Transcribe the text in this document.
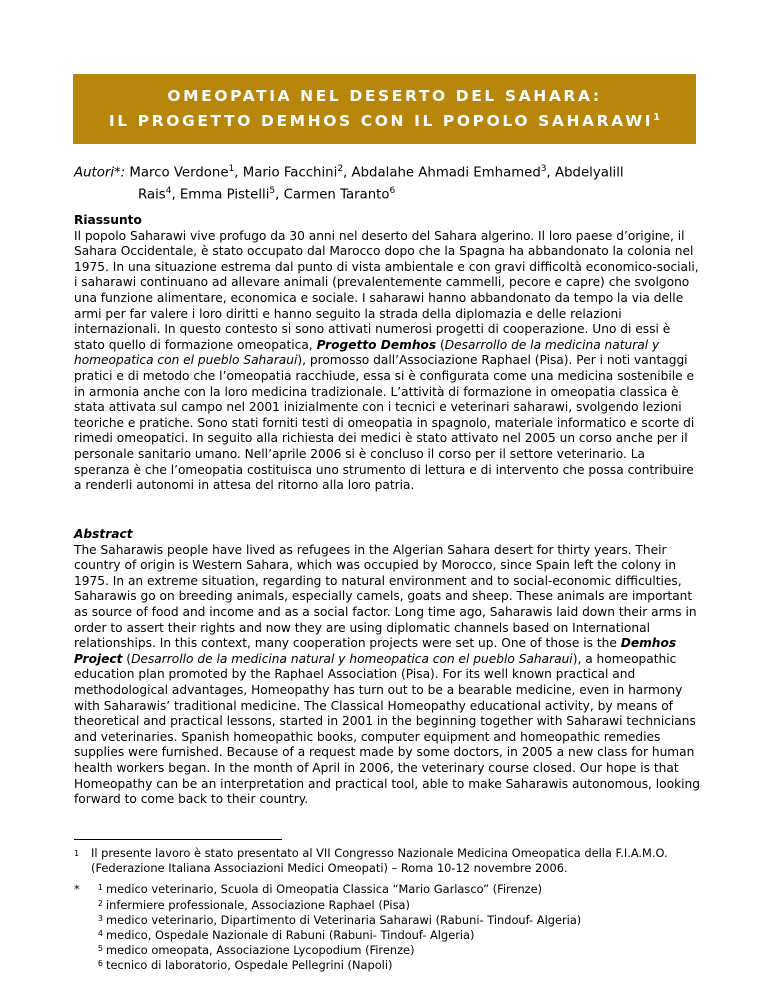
OMEOPATIA NEL DESERTO DEL SAHARA:
IL PROGETTO DEMHOS CON IL POPOLO SAHARAWI$^1$
Autori*: Marco Verdone$^1$, Mario Facchini$^2$, Abdalahe Ahmadi Emhamed$^3$, Abdelyalill
Rais$^4$, Emma Pistelli$^5$, Carmen Taranto$^6$
Riassunto
Il popolo Saharawi vive profugo da 30 anni nel deserto del Sahara algerino. Il loro paese d’origine, il Sahara Occidentale, è stato occupato dal Marocco dopo che la Spagna ha abbandonato la colonia nel 1975. In una situazione estrema dal punto di vista ambientale e con gravi difficoltà economico-sociali, i saharawi continuano ad allevare animali (prevalentemente cammelli, pecore e capre) che svolgono una funzione alimentare, economica e sociale. I saharawi hanno abbandonato da tempo la via delle armi per far valere i loro diritti e hanno seguito la strada della diplomazia e delle relazioni internazionali. In questo contesto si sono attivati numerosi progetti di cooperazione. Uno di essi è stato quello di formazione omeopatica, Progetto Demhos (Desarrollo de la medicina natural y homeopatica con el pueblo Saharaui), promosso dall’Associazione Raphael (Pisa). Per i noti vantaggi pratici e di metodo che l’omeopatia racchiude, essa si è configurata come una medicina sostenibile e in armonia anche con la loro medicina tradizionale. L’attività di formazione in omeopatia classica è stata attivata sul campo nel 2001 inizialmente con i tecnici e veterinari saharawi, svolgendo lezioni teoriche e pratiche. Sono stati forniti testi di omeopatia in spagnolo, materiale informatico e scorte di rimedi omeopatici. In seguito alla richiesta dei medici è stato attivato nel 2005 un corso anche per il personale sanitario umano. Nell’aprile 2006 si è concluso il corso per il settore veterinario. La speranza è che l’omeopatia costituisca uno strumento di lettura e di intervento che possa contribuire a renderli autonomi in attesa del ritorno alla loro patria.
Abstract
The Saharawis people have lived as refugees in the Algerian Sahara desert for thirty years. Their country of origin is Western Sahara, which was occupied by Morocco, since Spain left the colony in 1975. In an extreme situation, regarding to natural environment and to social-economic difficulties, Saharawis go on breeding animals, especially camels, goats and sheep. These animals are important as source of food and income and as a social factor. Long time ago, Saharawis laid down their arms in order to assert their rights and now they are using diplomatic channels based on International relationships. In this context, many cooperation projects were set up. One of those is the Demhos Project (Desarrollo de la medicina natural y homeopatica con el pueblo Saharaui), a homeopathic education plan promoted by the Raphael Association (Pisa). For its well known practical and methodological advantages, Homeopathy has turn out to be a bearable medicine, even in harmony with Saharawis’ traditional medicine. The Classical Homeopathy educational activity, by means of theoretical and practical lessons, started in 2001 in the beginning together with Saharawi technicians and veterinaries. Spanish homeopathic books, computer equipment and homeopathic remedies supplies were furnished. Because of a request made by some doctors, in 2005 a new class for human health workers began. In the month of April in 2006, the veterinary course closed. Our hope is that Homeopathy can be an interpretation and practical tool, able to make Saharawis autonomous, looking forward to come back to their country.
$^1$	Il presente lavoro è stato presentato al VII Congresso Nazionale Medicina Omeopatica della F.I.A.M.O. (Federazione Italiana Associazioni Medici Omeopati) – Roma 10-12 novembre 2006.
*	1 medico veterinario, Scuola di Omeopatia Classica “Mario Garlasco” (Firenze)
2 infermiere professionale, Associazione Raphael (Pisa)
3 medico veterinario, Dipartimento di Veterinaria Saharawi (Rabuni- Tindouf- Algeria)
4 medico, Ospedale Nazionale di Rabuni (Rabuni- Tindouf- Algeria)
5 medico omeopata, Associazione Lycopodium (Firenze)
6 tecnico di laboratorio, Ospedale Pellegrini (Napoli)
